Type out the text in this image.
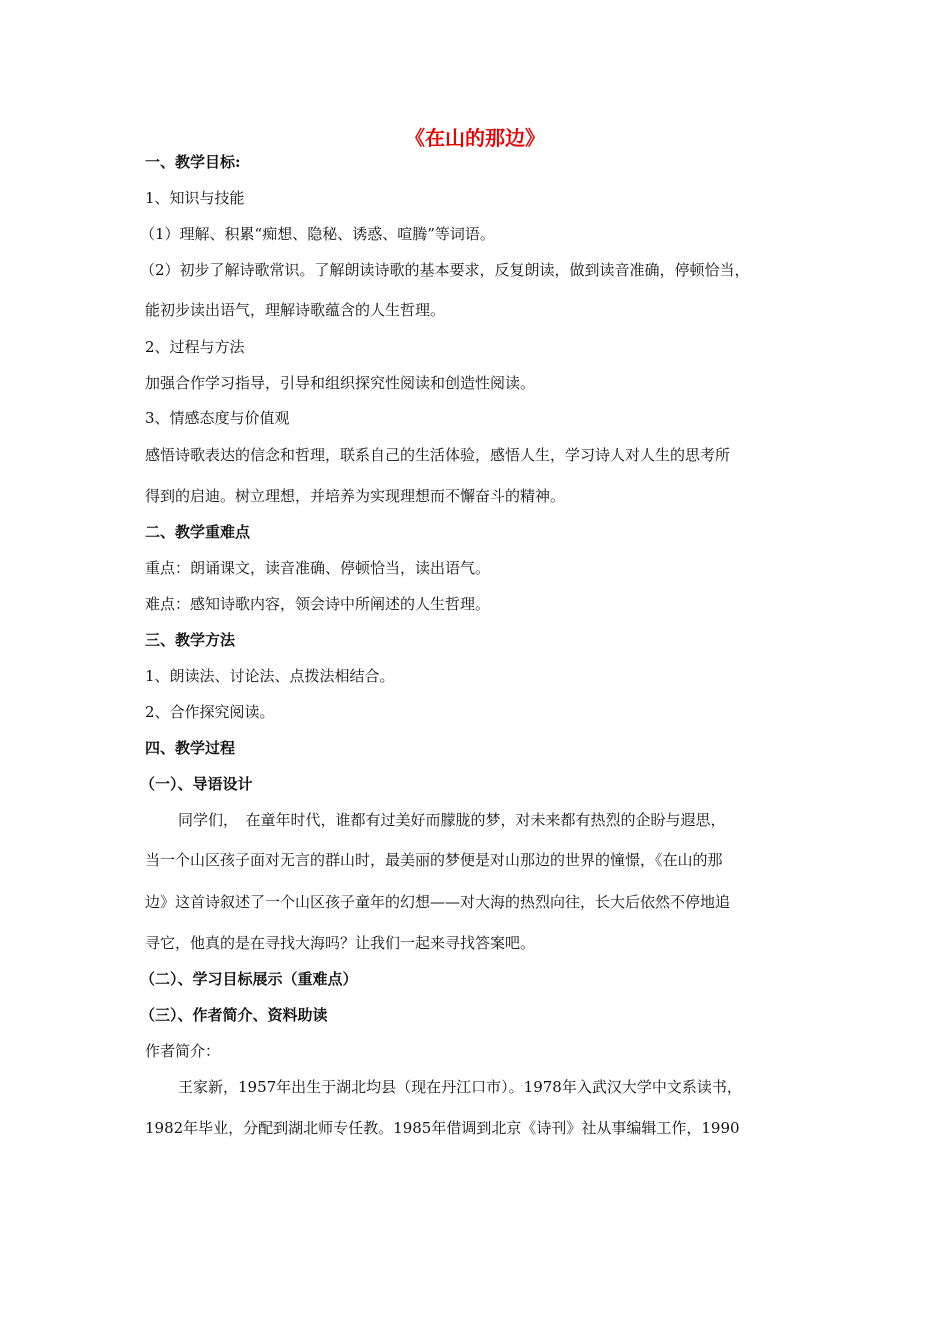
《在山的那边》
一、教学目标:
1、知识与技能
（1）理解、积累“痴想、隐秘、诱惑、喧腾”等词语。
（2）初步了解诗歌常识。了解朗读诗歌的基本要求，反复朗读，做到读音准确，停顿恰当，
能初步读出语气，理解诗歌蕴含的人生哲理。
2、过程与方法
加强合作学习指导，引导和组织探究性阅读和创造性阅读。
3、情感态度与价值观
感悟诗歌表达的信念和哲理，联系自己的生活体验，感悟人生，学习诗人对人生的思考所
得到的启迪。树立理想，并培养为实现理想而不懈奋斗的精神。
二、教学重难点
重点：朗诵课文，读音准确、停顿恰当，读出语气。
难点：感知诗歌内容，领会诗中所阐述的人生哲理。
三、教学方法
1、朗读法、讨论法、点拨法相结合。
2、合作探究阅读。
四、教学过程
（一）、导语设计
同学们，　在童年时代，谁都有过美好而朦胧的梦，对未来都有热烈的企盼与遐思，
当一个山区孩子面对无言的群山时，最美丽的梦便是对山那边的世界的憧憬，《在山的那
边》这首诗叙述了一个山区孩子童年的幻想——对大海的热烈向往，长大后依然不停地追
寻它，他真的是在寻找大海吗？让我们一起来寻找答案吧。
（二）、学习目标展示（重难点）
（三）、作者简介、资料助读
作者简介：
王家新，1957年出生于湖北均县（现在丹江口市）。1978年入武汉大学中文系读书，
1982年毕业，分配到湖北师专任教。1985年借调到北京《诗刊》社从事编辑工作，1990
